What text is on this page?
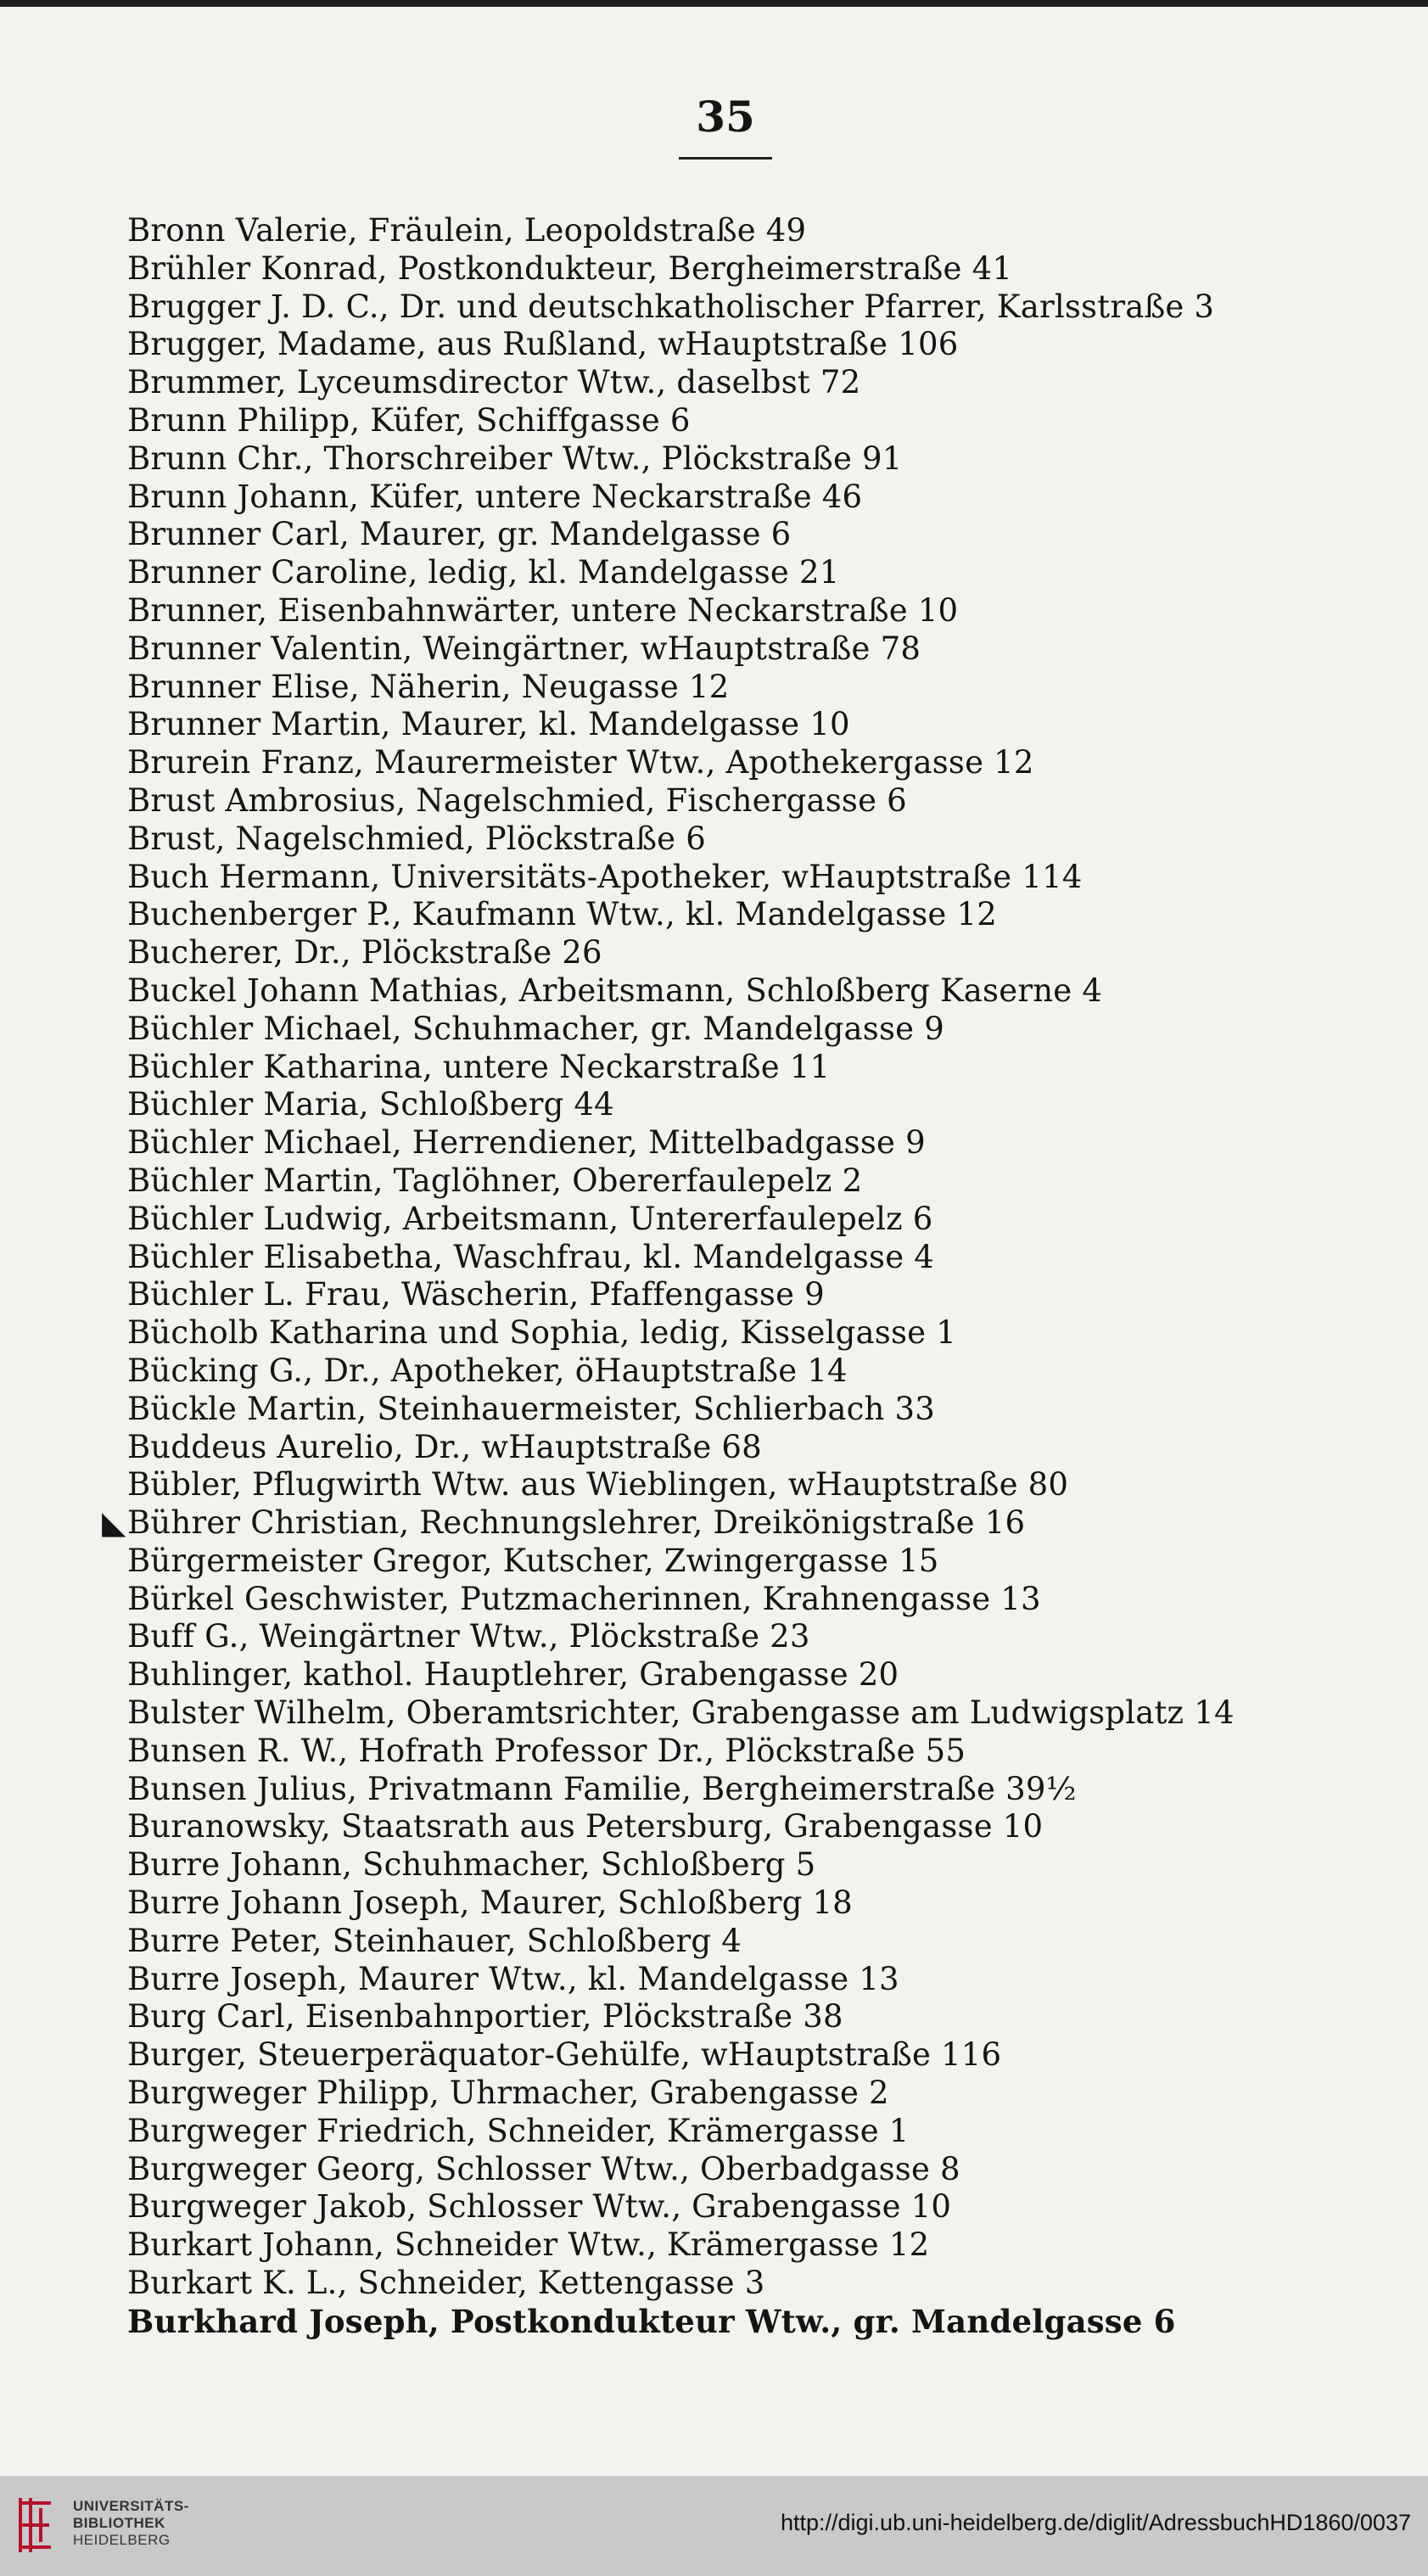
35
Bronn Valerie, Fräulein, Leopoldstraße 49
Brühler Konrad, Postkondukteur, Bergheimerstraße 41
Brugger J. D. C., Dr. und deutschkatholischer Pfarrer, Karlsstraße 3
Brugger, Madame, aus Rußland, wHauptstraße 106
Brummer, Lyceumsdirector Wtw., daselbst 72
Brunn Philipp, Küfer, Schiffgasse 6
Brunn Chr., Thorschreiber Wtw., Plöckstraße 91
Brunn Johann, Küfer, untere Neckarstraße 46
Brunner Carl, Maurer, gr. Mandelgasse 6
Brunner Caroline, ledig, kl. Mandelgasse 21
Brunner, Eisenbahnwärter, untere Neckarstraße 10
Brunner Valentin, Weingärtner, wHauptstraße 78
Brunner Elise, Näherin, Neugasse 12
Brunner Martin, Maurer, kl. Mandelgasse 10
Brurein Franz, Maurermeister Wtw., Apothekergasse 12
Brust Ambrosius, Nagelschmied, Fischergasse 6
Brust, Nagelschmied, Plöckstraße 6
Buch Hermann, Universitäts-Apotheker, wHauptstraße 114
Buchenberger P., Kaufmann Wtw., kl. Mandelgasse 12
Bucherer, Dr., Plöckstraße 26
Buckel Johann Mathias, Arbeitsmann, Schloßberg Kaserne 4
Büchler Michael, Schuhmacher, gr. Mandelgasse 9
Büchler Katharina, untere Neckarstraße 11
Büchler Maria, Schloßberg 44
Büchler Michael, Herrendiener, Mittelbadgasse 9
Büchler Martin, Taglöhner, Obererfaulepelz 2
Büchler Ludwig, Arbeitsmann, Untererfaulepelz 6
Büchler Elisabetha, Waschfrau, kl. Mandelgasse 4
Büchler L. Frau, Wäscherin, Pfaffengasse 9
Bücholb Katharina und Sophia, ledig, Kisselgasse 1
Bücking G., Dr., Apotheker, öHauptstraße 14
Bückle Martin, Steinhauermeister, Schlierbach 33
Buddeus Aurelio, Dr., wHauptstraße 68
Bübler, Pflugwirth Wtw. aus Wieblingen, wHauptstraße 80
◣Bührer Christian, Rechnungslehrer, Dreikönigstraße 16
Bürgermeister Gregor, Kutscher, Zwingergasse 15
Bürkel Geschwister, Putzmacherinnen, Krahnengasse 13
Buff G., Weingärtner Wtw., Plöckstraße 23
Buhlinger, kathol. Hauptlehrer, Grabengasse 20
Bulster Wilhelm, Oberamtsrichter, Grabengasse am Ludwigsplatz 14
Bunsen R. W., Hofrath Professor Dr., Plöckstraße 55
Bunsen Julius, Privatmann Familie, Bergheimerstraße 39½
Buranowsky, Staatsrath aus Petersburg, Grabengasse 10
Burre Johann, Schuhmacher, Schloßberg 5
Burre Johann Joseph, Maurer, Schloßberg 18
Burre Peter, Steinhauer, Schloßberg 4
Burre Joseph, Maurer Wtw., kl. Mandelgasse 13
Burg Carl, Eisenbahnportier, Plöckstraße 38
Burger, Steuerperäquator-Gehülfe, wHauptstraße 116
Burgweger Philipp, Uhrmacher, Grabengasse 2
Burgweger Friedrich, Schneider, Krämergasse 1
Burgweger Georg, Schlosser Wtw., Oberbadgasse 8
Burgweger Jakob, Schlosser Wtw., Grabengasse 10
Burkart Johann, Schneider Wtw., Krämergasse 12
Burkart K. L., Schneider, Kettengasse 3
Burkhard Joseph, Postkondukteur Wtw., gr. Mandelgasse 6
UNIVERSITÄTS-
BIBLIOTHEK
HEIDELBERG
http://digi.ub.uni-heidelberg.de/diglit/AdressbuchHD1860/0037
